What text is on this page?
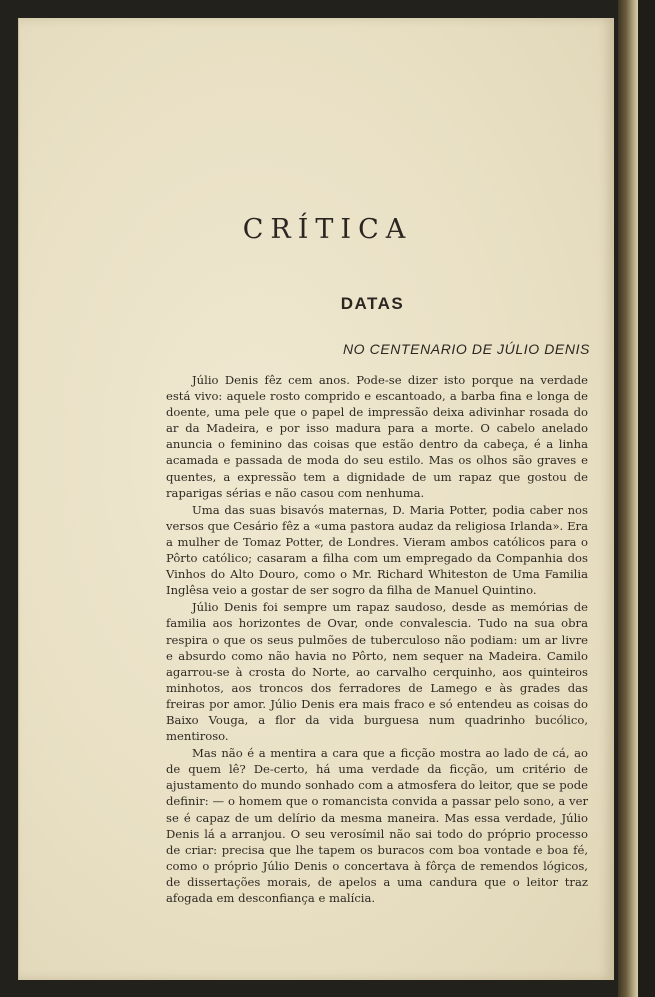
CRÍTICA
DATAS
NO CENTENARIO DE JÚLIO DENIS

Júlio Denis fêz cem anos. Pode-se dizer isto porque na verdade está vivo: aquele rosto comprido e escantoado, a barba fina e longa de doente, uma pele que o papel de impressão deixa adivinhar rosada do ar da Madeira, e por isso madura para a morte. O cabelo anelado anuncia o feminino das coisas que estão dentro da cabeça, é a linha acamada e passada de moda do seu estilo. Mas os olhos são graves e quentes, a expressão tem a dignidade de um rapaz que gostou de raparigas sérias e não casou com nenhuma.

Uma das suas bisavós maternas, D. Maria Potter, podia caber nos versos que Cesário fêz a «uma pastora audaz da religiosa Irlanda». Era a mulher de Tomaz Potter, de Londres. Vieram ambos católicos para o Pôrto católico; casaram a filha com um empregado da Companhia dos Vinhos do Alto Douro, como o Mr. Richard Whiteston de Uma Familia Inglêsa veio a gostar de ser sogro da filha de Manuel Quintino.

Júlio Denis foi sempre um rapaz saudoso, desde as memórias de familia aos horizontes de Ovar, onde convalescia. Tudo na sua obra respira o que os seus pulmões de tuberculoso não podiam: um ar livre e absurdo como não havia no Pôrto, nem sequer na Madeira. Camilo agarrou-se à crosta do Norte, ao carvalho cerquinho, aos quinteiros minhotos, aos troncos dos ferradores de Lamego e às grades das freiras por amor. Júlio Denis era mais fraco e só entendeu as coisas do Baixo Vouga, a flor da vida burguesa num quadrinho bucólico, mentiroso.

Mas não é a mentira a cara que a ficção mostra ao lado de cá, ao de quem lê? De-certo, há uma verdade da ficção, um critério de ajustamento do mundo sonhado com a atmosfera do leitor, que se pode definir: — o homem que o romancista convida a passar pelo sono, a ver se é capaz de um delírio da mesma maneira. Mas essa verdade, Júlio Denis lá a arranjou. O seu verosímil não sai todo do próprio processo de criar: precisa que lhe tapem os buracos com boa vontade e boa fé, como o próprio Júlio Denis o concertava à fôrça de remendos lógicos, de dissertações morais, de apelos a uma candura que o leitor traz afogada em desconfiança e malícia.
